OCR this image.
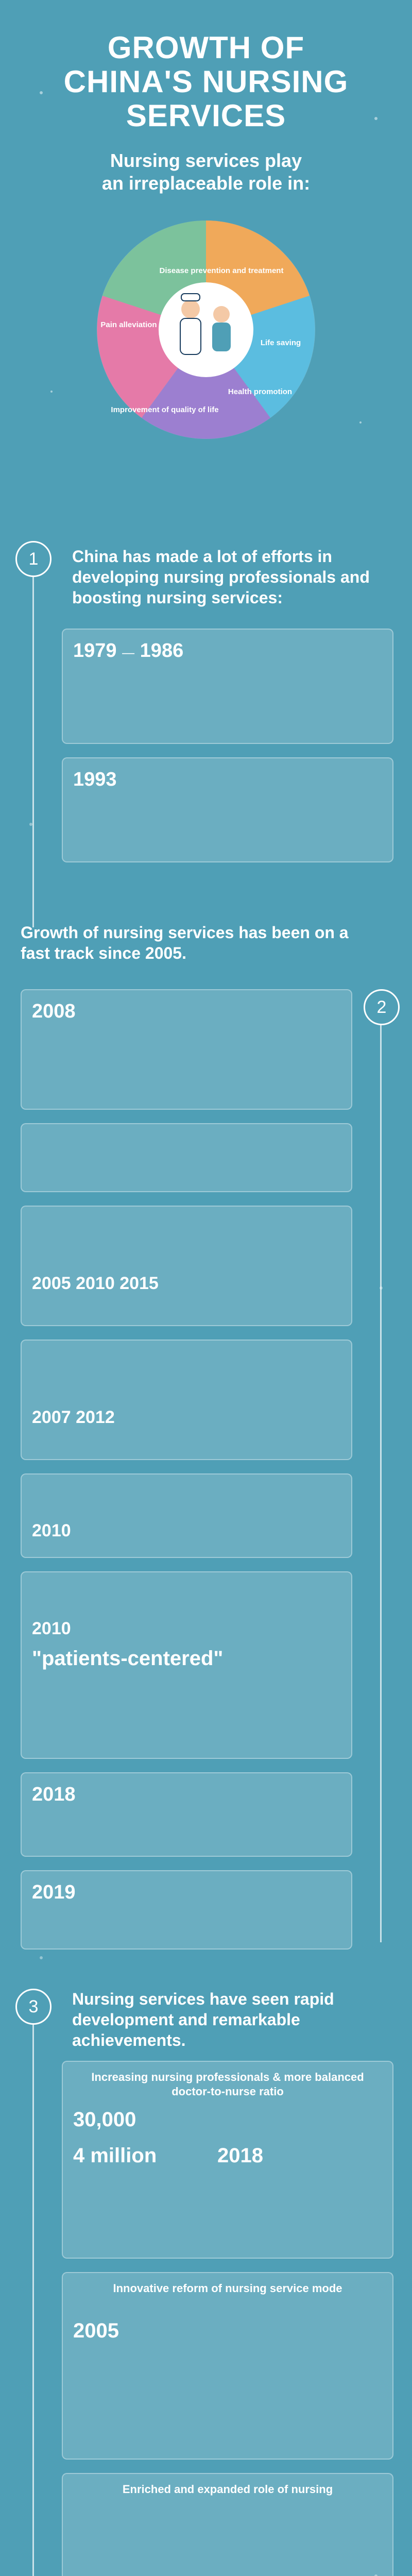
GROWTH OF
CHINA'S NURSING
SERVICES
Nursing services play
an irreplaceable role in:
Disease prevention and treatment
Life saving
Health promotion
Improvement of quality of life
Pain alleviation
1	China has made a lot of efforts in developing nursing professionals and boosting nursing services:
1979 — 1986
1993
2
Growth of nursing services has been on a fast track since 2005.
2008
2005 2010 2015
2007 2012
2010
2010
"patients-centered"
2018
2019
3	Nursing services have seen rapid development and remarkable achievements.
Increasing nursing professionals & more balanced doctor-to-nurse ratio
30,000
4 million	2018
Innovative reform of nursing service mode
2005
Enriched and expanded role of nursing
